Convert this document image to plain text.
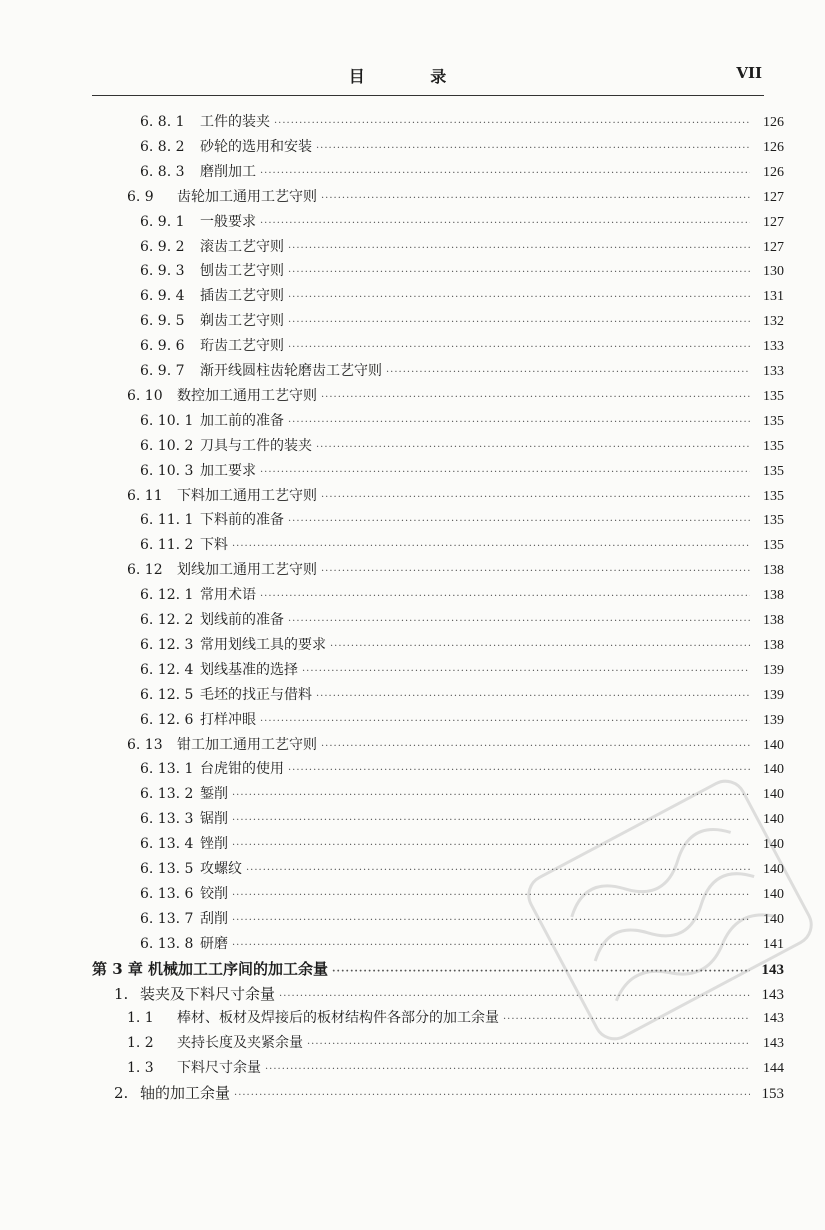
目 录	VII
6. 8. 1	工件的装夹 ·····	126
6. 8. 2	砂轮的选用和安装 ·····	126
6. 8. 3	磨削加工 ·····	126
6. 9	齿轮加工通用工艺守则 ·····	127
6. 9. 1	一般要求 ·····	127
6. 9. 2	滚齿工艺守则 ·····	127
6. 9. 3	刨齿工艺守则 ·····	130
6. 9. 4	插齿工艺守则 ·····	131
6. 9. 5	剃齿工艺守则 ·····	132
6. 9. 6	珩齿工艺守则 ·····	133
6. 9. 7	渐开线圆柱齿轮磨齿工艺守则 ·····	133
6. 10	数控加工通用工艺守则 ·····	135
6. 10. 1 加工前的准备 ·····	135
6. 10. 2 刀具与工件的装夹 ·····	135
6. 10. 3 加工要求 ·····	135
6. 11	下料加工通用工艺守则 ·····	135
6. 11. 1 下料前的准备 ·····	135
6. 11. 2 下料 ·····	135
6. 12	划线加工通用工艺守则 ·····	138
6. 12. 1 常用术语 ·····	138
6. 12. 2 划线前的准备 ·····	138
6. 12. 3 常用划线工具的要求 ·····	138
6. 12. 4 划线基准的选择 ·····	139
6. 12. 5 毛坯的找正与借料 ·····	139
6. 12. 6 打样冲眼 ·····	139
6. 13	钳工加工通用工艺守则 ·····	140
6. 13. 1 台虎钳的使用 ·····	140
6. 13. 2 錾削 ·····	140
6. 13. 3 锯削 ·····	140
6. 13. 4 锉削 ·····	140
6. 13. 5 攻螺纹 ·····	140
6. 13. 6 铰削 ·····	140
6. 13. 7 刮削 ·····	140
6. 13. 8 研磨 ·····	141
第 3 章 机械加工工序间的加工余量 ·····	143
1. 装夹及下料尺寸余量 ·····	143
1. 1	棒材、板材及焊接后的板材结构件各部分的加工余量 ·····	143
1. 2	夹持长度及夹紧余量 ·····	143
1. 3	下料尺寸余量 ·····	144
2. 轴的加工余量 ·····	153
